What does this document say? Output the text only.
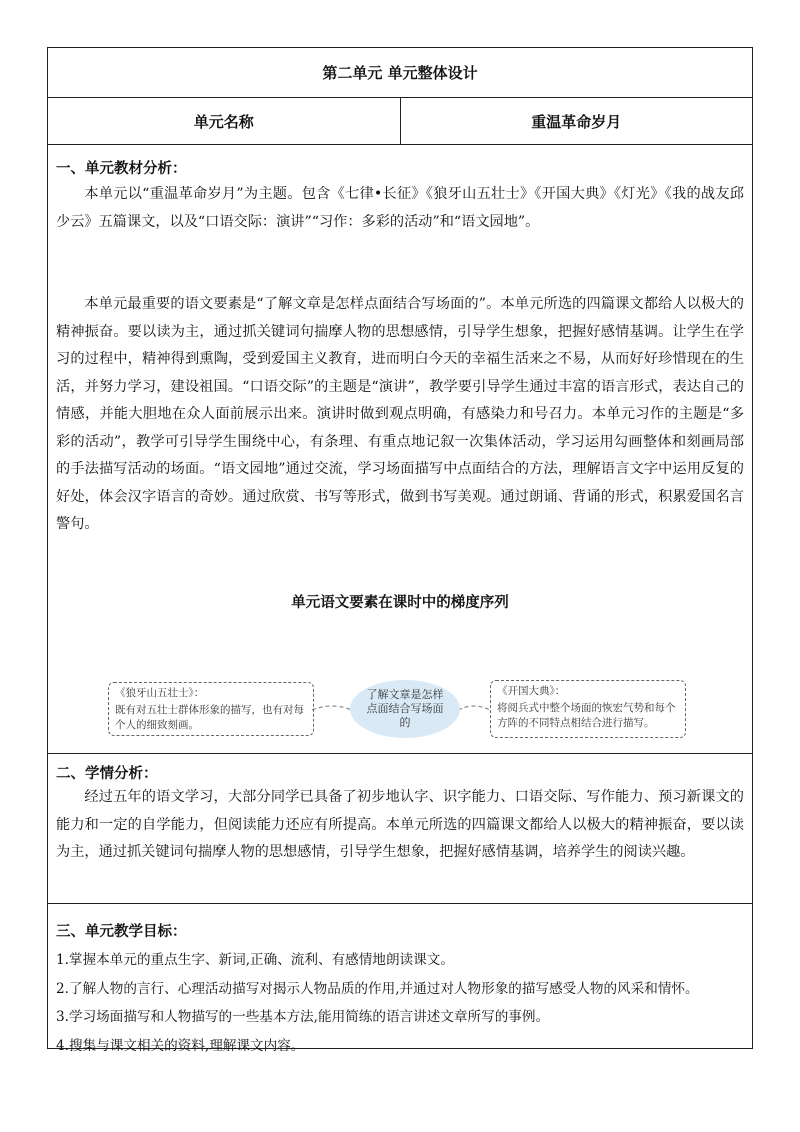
第二单元 单元整体设计
单元名称	重温革命岁月
一、单元教材分析：
本单元以“重温革命岁月”为主题。包含《七律•长征》《狼牙山五壮士》《开国大典》《灯光》《我的战友邱少云》五篇课文，以及“口语交际：演讲”“习作：多彩的活动”和“语文园地”。
本单元最重要的语文要素是“了解文章是怎样点面结合写场面的”。本单元所选的四篇课文都给人以极大的精神振奋。要以读为主，通过抓关键词句揣摩人物的思想感情，引导学生想象，把握好感情基调。让学生在学习的过程中，精神得到熏陶，受到爱国主义教育，进而明白今天的幸福生活来之不易，从而好好珍惜现在的生活，并努力学习，建设祖国。“口语交际”的主题是“演讲”，教学要引导学生通过丰富的语言形式，表达自己的情感，并能大胆地在众人面前展示出来。演讲时做到观点明确，有感染力和号召力。本单元习作的主题是“多彩的活动”，教学可引导学生围绕中心，有条理、有重点地记叙一次集体活动，学习运用勾画整体和刻画局部的手法描写活动的场面。“语文园地”通过交流，学习场面描写中点面结合的方法，理解语言文字中运用反复的好处，体会汉字语言的奇妙。通过欣赏、书写等形式，做到书写美观。通过朗诵、背诵的形式，积累爱国名言警句。
单元语文要素在课时中的梯度序列
《狼牙山五壮士》：
既有对五壮士群体形象的描写，也有对每个人的细致刻画。
了解文章是怎样点面结合写场面的
《开国大典》：
将阅兵式中整个场面的恢宏气势和每个方阵的不同特点相结合进行描写。
二、学情分析：
经过五年的语文学习，大部分同学已具备了初步地认字、识字能力、口语交际、写作能力、预习新课文的能力和一定的自学能力，但阅读能力还应有所提高。本单元所选的四篇课文都给人以极大的精神振奋，要以读为主，通过抓关键词句揣摩人物的思想感情，引导学生想象，把握好感情基调，培养学生的阅读兴趣。
三、单元教学目标：
1.掌握本单元的重点生字、新词,正确、流利、有感情地朗读课文。
2.了解人物的言行、心理活动描写对揭示人物品质的作用,并通过对人物形象的描写感受人物的风采和情怀。
3.学习场面描写和人物描写的一些基本方法,能用简练的语言讲述文章所写的事例。
4.搜集与课文相关的资料,理解课文内容。
